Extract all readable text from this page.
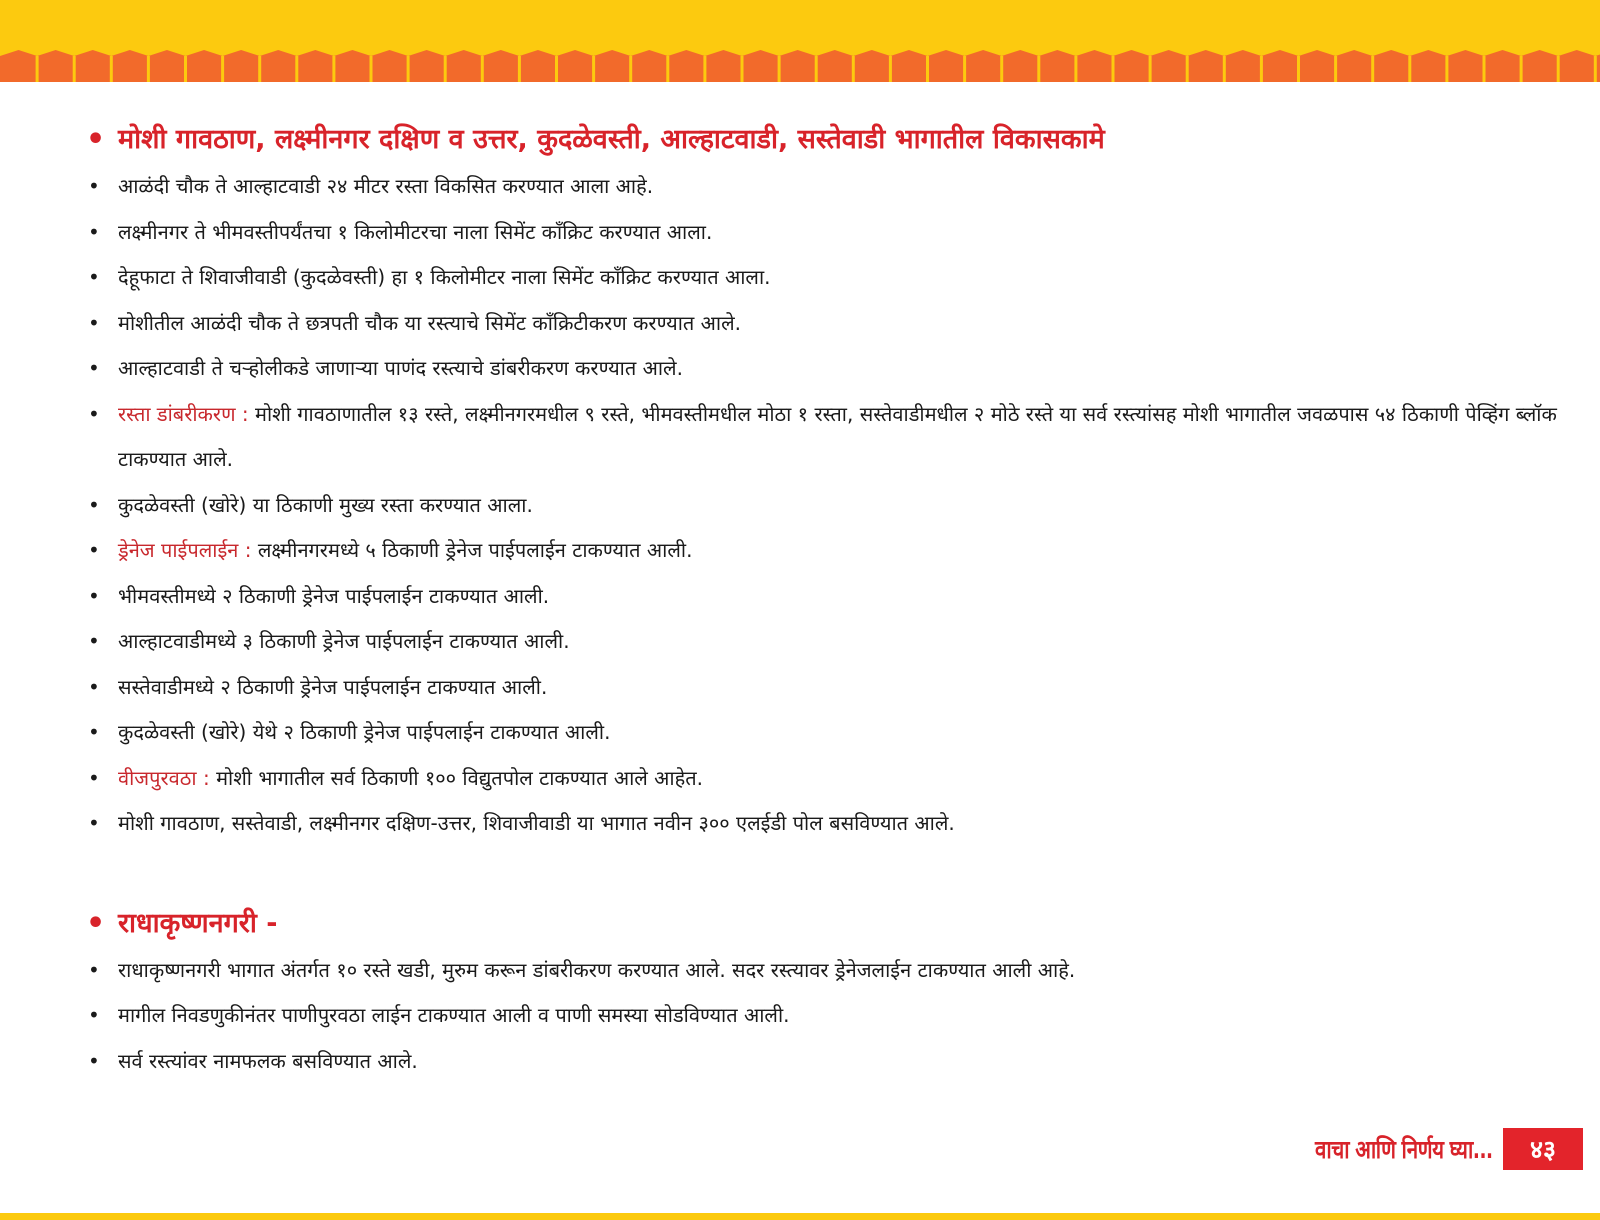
• मोशी गावठाण, लक्ष्मीनगर दक्षिण व उत्तर, कुदळेवस्ती, आल्हाटवाडी, सस्तेवाडी भागातील विकासकामे
• आळंदी चौक ते आल्हाटवाडी २४ मीटर रस्ता विकसित करण्यात आला आहे.
• लक्ष्मीनगर ते भीमवस्तीपर्यंतचा १ किलोमीटरचा नाला सिमेंट कॉंक्रिट करण्यात आला.
• देहूफाटा ते शिवाजीवाडी (कुदळेवस्ती) हा १ किलोमीटर नाला सिमेंट कॉंक्रिट करण्यात आला.
• मोशीतील आळंदी चौक ते छत्रपती चौक या रस्त्याचे सिमेंट कॉंक्रिटीकरण करण्यात आले.
• आल्हाटवाडी ते चऱ्होलीकडे जाणाऱ्या पाणंद रस्त्याचे डांबरीकरण करण्यात आले.
• रस्ता डांबरीकरण : मोशी गावठाणातील १३ रस्ते, लक्ष्मीनगरमधील ९ रस्ते, भीमवस्तीमधील मोठा १ रस्ता, सस्तेवाडीमधील २ मोठे रस्ते या सर्व रस्त्यांसह मोशी भागातील जवळपास ५४ ठिकाणी पेव्हिंग ब्लॉक टाकण्यात आले.
• कुदळेवस्ती (खोरे) या ठिकाणी मुख्य रस्ता करण्यात आला.
• ड्रेनेज पाईपलाईन : लक्ष्मीनगरमध्ये ५ ठिकाणी ड्रेनेज पाईपलाईन टाकण्यात आली.
• भीमवस्तीमध्ये २ ठिकाणी ड्रेनेज पाईपलाईन टाकण्यात आली.
• आल्हाटवाडीमध्ये ३ ठिकाणी ड्रेनेज पाईपलाईन टाकण्यात आली.
• सस्तेवाडीमध्ये २ ठिकाणी ड्रेनेज पाईपलाईन टाकण्यात आली.
• कुदळेवस्ती (खोरे) येथे २ ठिकाणी ड्रेनेज पाईपलाईन टाकण्यात आली.
• वीजपुरवठा : मोशी भागातील सर्व ठिकाणी १०० विद्युतपोल टाकण्यात आले आहेत.
• मोशी गावठाण, सस्तेवाडी, लक्ष्मीनगर दक्षिण-उत्तर, शिवाजीवाडी या भागात नवीन ३०० एलईडी पोल बसविण्यात आले.
• राधाकृष्णनगरी -
• राधाकृष्णनगरी भागात अंतर्गत १० रस्ते खडी, मुरुम करून डांबरीकरण करण्यात आले. सदर रस्त्यावर ड्रेनेजलाईन टाकण्यात आली आहे.
• मागील निवडणुकीनंतर पाणीपुरवठा लाईन टाकण्यात आली व पाणी समस्या सोडविण्यात आली.
• सर्व रस्त्यांवर नामफलक बसविण्यात आले.
वाचा आणि निर्णय घ्या...	४३
